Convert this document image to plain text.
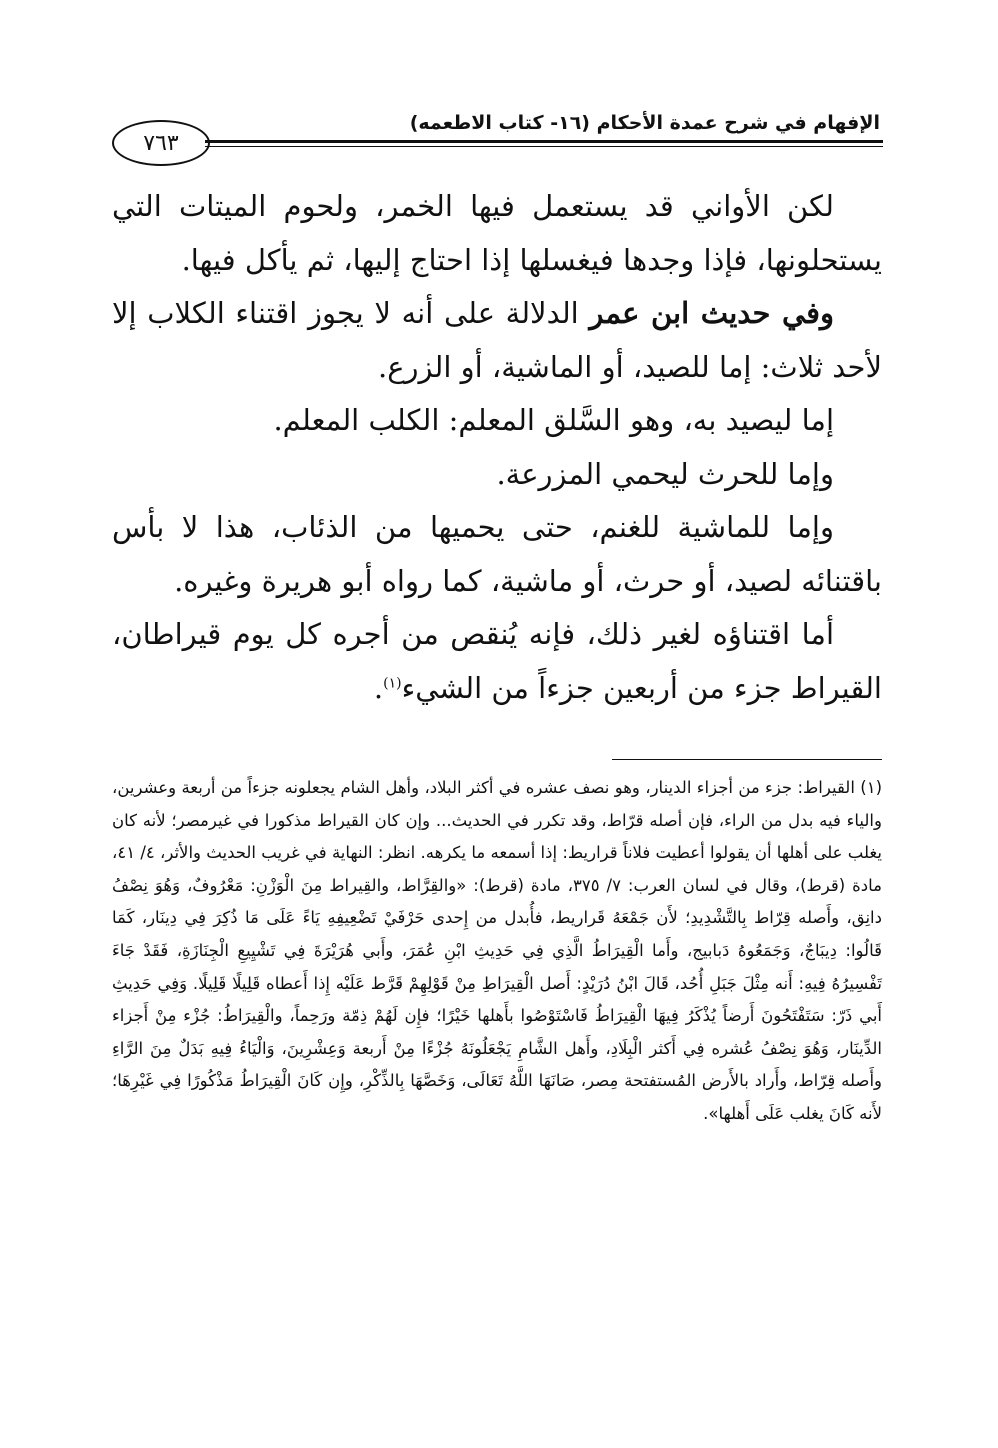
الإفهام في شرح عمدة الأحكام (١٦- كتاب الاطعمه)
٧٦٣

لكن الأواني قد يستعمل فيها الخمر، ولحوم الميتات التي يستحلونها، فإذا وجدها فيغسلها إذا احتاج إليها، ثم يأكل فيها.

وفي حديث ابن عمر الدلالة على أنه لا يجوز اقتناء الكلاب إلا لأحد ثلاث: إما للصيد، أو الماشية، أو الزرع.

إما ليصيد به، وهو السَّلق المعلم: الكلب المعلم.

وإما للحرث ليحمي المزرعة.

وإما للماشية للغنم، حتى يحميها من الذئاب، هذا لا بأس باقتنائه لصيد، أو حرث، أو ماشية، كما رواه أبو هريرة وغيره.

أما اقتناؤه لغير ذلك، فإنه يُنقص من أجره كل يوم قيراطان، القيراط جزء من أربعين جزءاً من الشيء$^{(١)}$.

(١) القيراط: جزء من أجزاء الدينار، وهو نصف عشره في أكثر البلاد، وأهل الشام يجعلونه جزءاً من أربعة وعشرين، والياء فيه بدل من الراء، فإن أصله قرّاط، وقد تكرر في الحديث... وإن كان القيراط مذكورا في غيرمصر؛ لأنه كان يغلب على أهلها أن يقولوا أعطيت فلاناً قراريط: إذا أسمعه ما يكرهه. انظر: النهاية في غريب الحديث والأثر، ٤/ ٤١، مادة (قرط)، وقال في لسان العرب: ٧/ ٣٧٥، مادة (قرط): «والقِرَّاط، والقِيراط مِنَ الْوَزْنِ: مَعْرُوفٌ، وَهُوَ نِصْفُ دانِق، وأَصله قِرّاط بِالتَّشْدِيدِ؛ لأَن جَمْعَهُ قَراريط، فأُبدل من إِحدى حَرْفَيْ تَضْعِيفِهِ يَاءً عَلَى مَا ذُكِرَ فِي دِينَار، كَمَا قَالُوا: دِيبَاجٌ، وَجَمَعُوهُ دَبابيج، وأَما الْقِيرَاطُ الَّذِي فِي حَدِيثِ ابْنِ عُمَرَ، وأَبي هُرَيْرَةَ فِي تَشْيِيعِ الْجِنَازَةِ، فَقَدْ جَاءَ تَفْسِيرُهُ فِيهِ: أَنه مِثْلَ جَبَلِ أُحُد، قَالَ ابْنُ دُرَيْدٍ: أَصل الْقِيرَاطِ مِنْ قَوْلِهِمْ قَرَّط عَلَيْه إِذا أَعطاه قَلِيلًا قَلِيلًا. وَفِي حَدِيثِ أَبي ذَرّ: سَتَفْتَحُونَ أَرضاً يُذْكَرُ فِيهَا الْقِيرَاطُ فَاسْتَوْصُوا بأَهلها خَيْرًا؛ فإِن لَهُمْ ذِمّة ورَحِماً، والْقِيرَاطُ: جُزْء مِنْ أَجزاء الدِّينَار، وَهُوَ نِصْفُ عُشره فِي أَكثر الْبِلَادِ، وأَهل الشَّامِ يَجْعَلُونَهُ جُزْءًا مِنْ أَربعة وَعِشْرِينَ، وَالْيَاءُ فِيهِ بَدَلٌ مِنَ الرَّاءِ وأَصله قِرّاط، وأَراد بالأَرض المُستفتحة مِصر، صَانَهَا اللَّهُ تَعَالَى، وَخَصَّهَا بِالذِّكْرِ، وإِن كَانَ الْقِيرَاطُ مَذْكُورًا فِي غَيْرِهَا؛ لأَنه كَانَ يغلب عَلَى أَهلها».
